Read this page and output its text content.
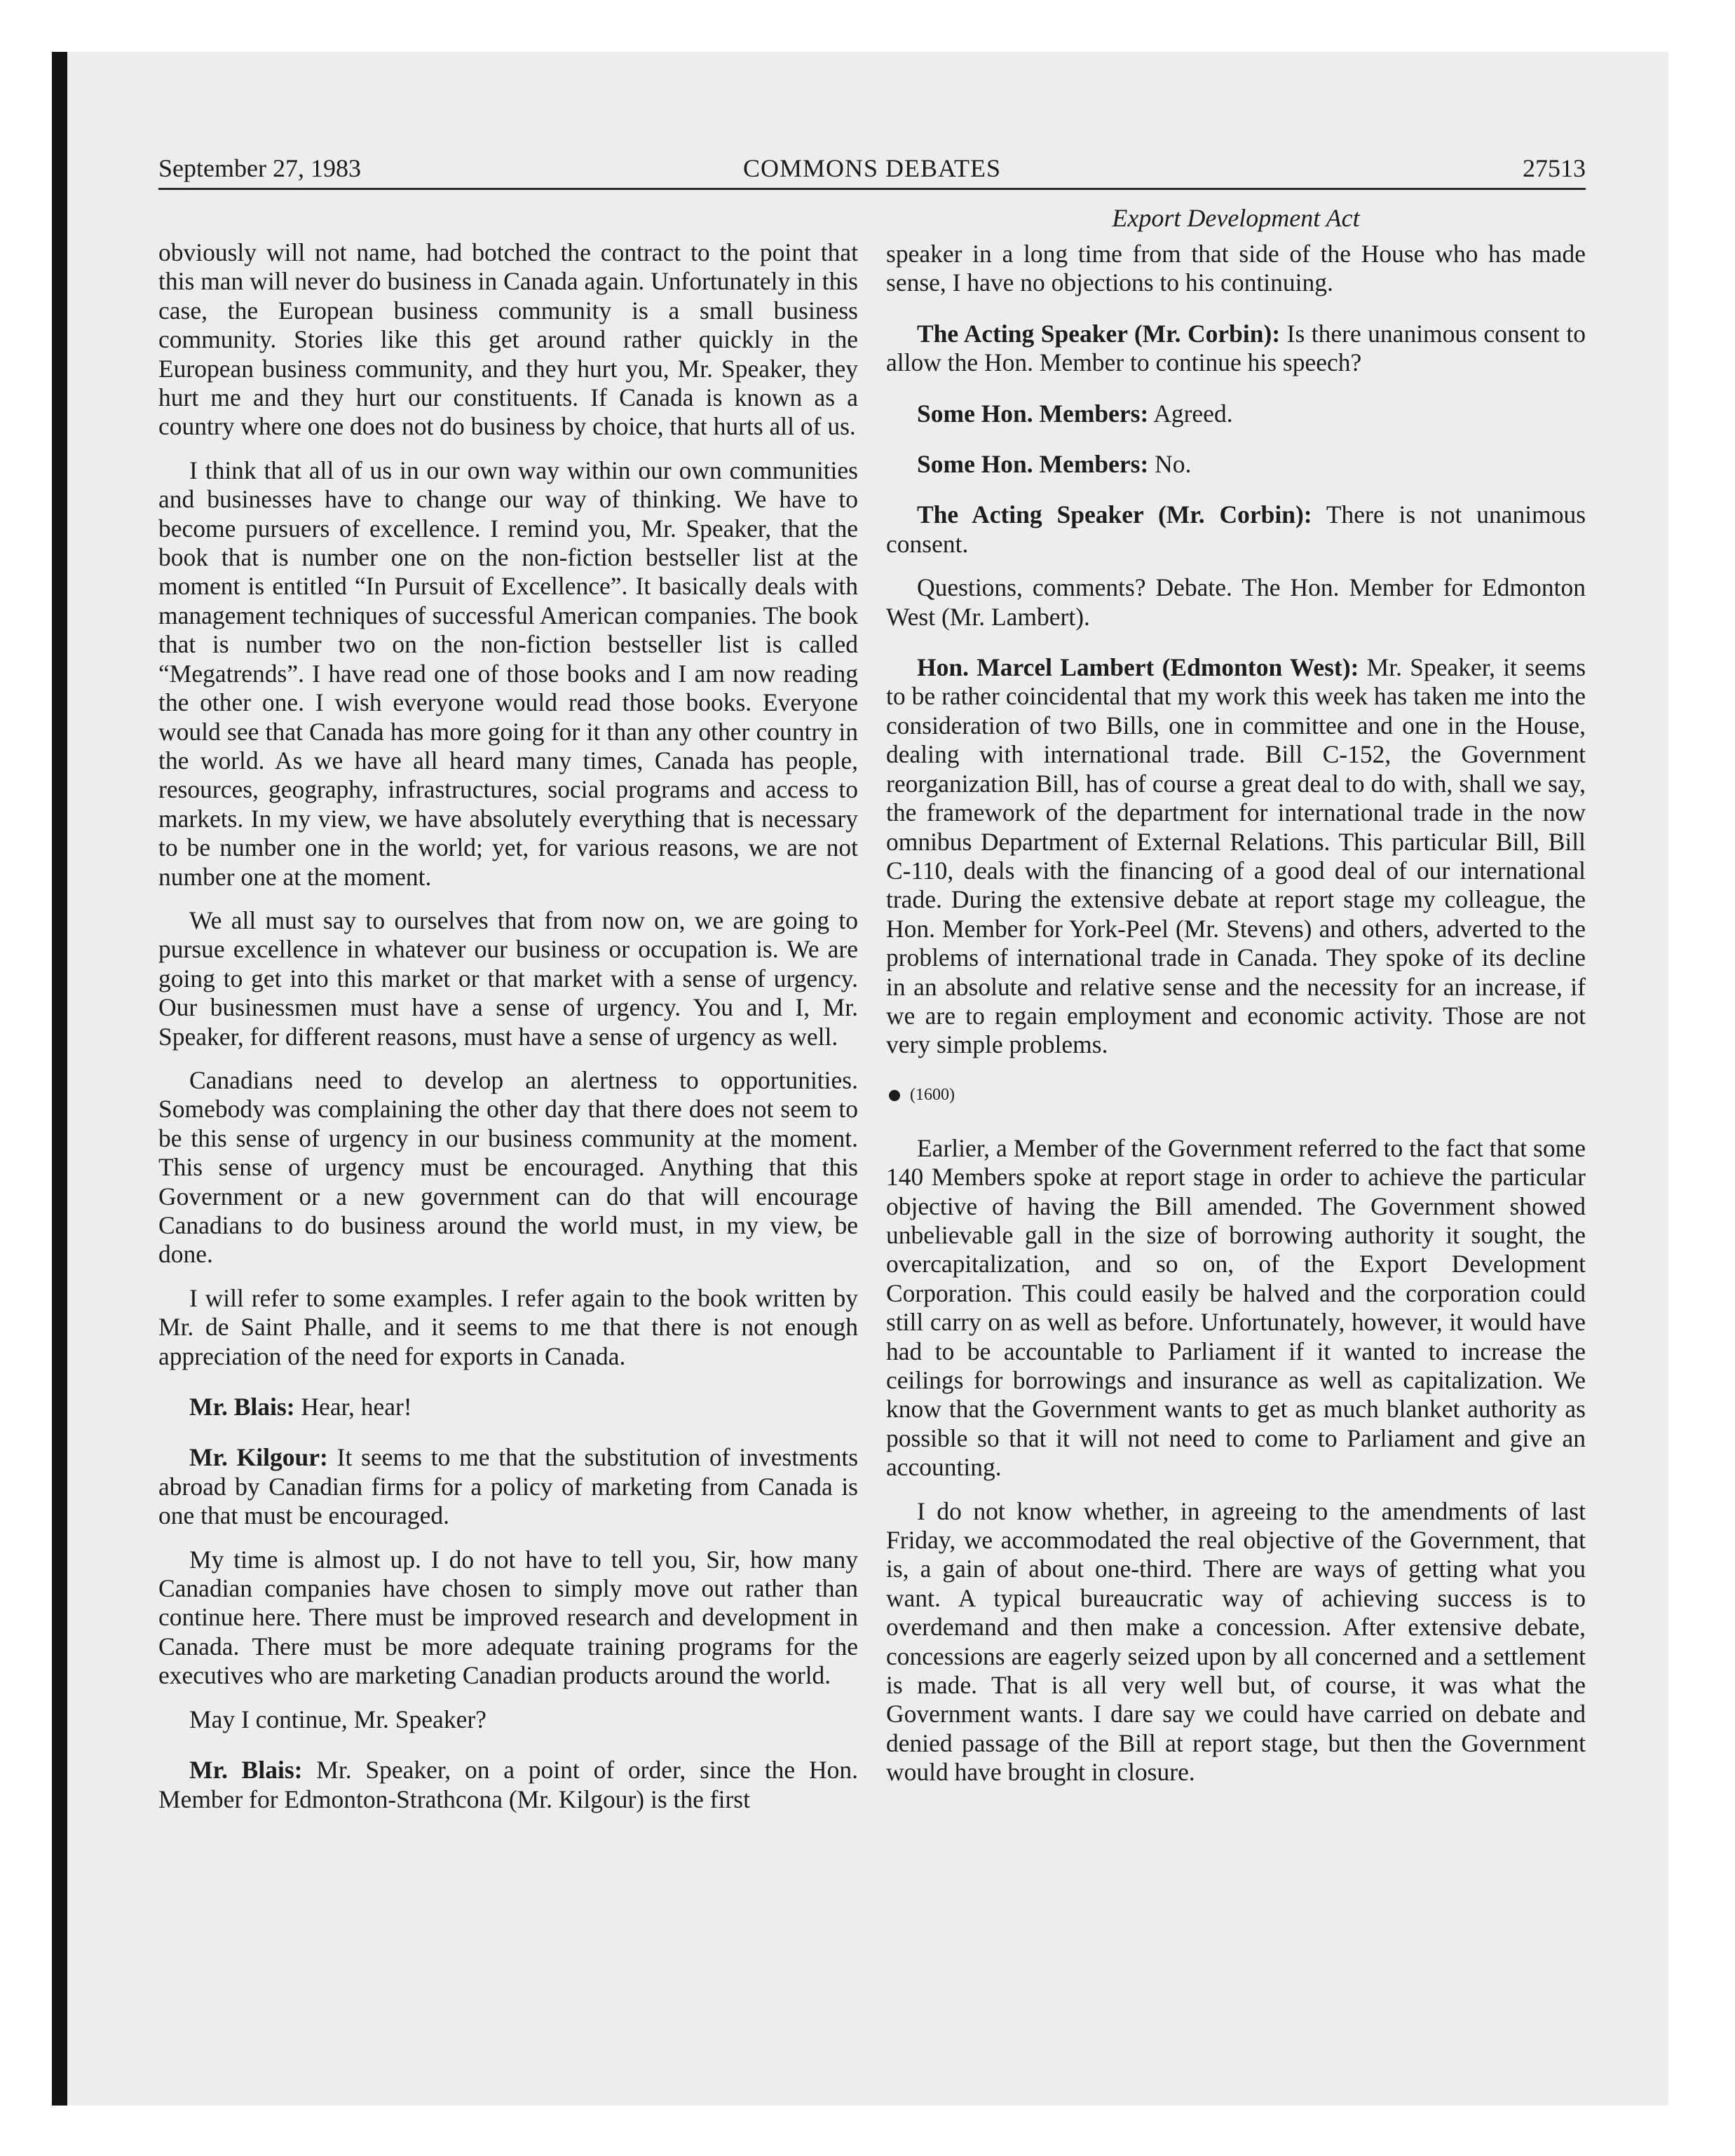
September 27, 1983	COMMONS DEBATES	27513
Export Development Act

obviously will not name, had botched the contract to the point that this man will never do business in Canada again. Unfortunately in this case, the European business community is a small business community. Stories like this get around rather quickly in the European business community, and they hurt you, Mr. Speaker, they hurt me and they hurt our constituents. If Canada is known as a country where one does not do business by choice, that hurts all of us.

I think that all of us in our own way within our own communities and businesses have to change our way of thinking. We have to become pursuers of excellence. I remind you, Mr. Speaker, that the book that is number one on the non-fiction bestseller list at the moment is entitled “In Pursuit of Excellence”. It basically deals with management techniques of successful American companies. The book that is number two on the non-fiction bestseller list is called “Megatrends”. I have read one of those books and I am now reading the other one. I wish everyone would read those books. Everyone would see that Canada has more going for it than any other country in the world. As we have all heard many times, Canada has people, resources, geography, infrastructures, social programs and access to markets. In my view, we have absolutely everything that is necessary to be number one in the world; yet, for various reasons, we are not number one at the moment.

We all must say to ourselves that from now on, we are going to pursue excellence in whatever our business or occupation is. We are going to get into this market or that market with a sense of urgency. Our businessmen must have a sense of urgency. You and I, Mr. Speaker, for different reasons, must have a sense of urgency as well.

Canadians need to develop an alertness to opportunities. Somebody was complaining the other day that there does not seem to be this sense of urgency in our business community at the moment. This sense of urgency must be encouraged. Anything that this Government or a new government can do that will encourage Canadians to do business around the world must, in my view, be done.

I will refer to some examples. I refer again to the book written by Mr. de Saint Phalle, and it seems to me that there is not enough appreciation of the need for exports in Canada.

Mr. Blais: Hear, hear!

Mr. Kilgour: It seems to me that the substitution of investments abroad by Canadian firms for a policy of marketing from Canada is one that must be encouraged.

My time is almost up. I do not have to tell you, Sir, how many Canadian companies have chosen to simply move out rather than continue here. There must be improved research and development in Canada. There must be more adequate training programs for the executives who are marketing Canadian products around the world.

May I continue, Mr. Speaker?

Mr. Blais: Mr. Speaker, on a point of order, since the Hon. Member for Edmonton-Strathcona (Mr. Kilgour) is the first

speaker in a long time from that side of the House who has made sense, I have no objections to his continuing.

The Acting Speaker (Mr. Corbin): Is there unanimous consent to allow the Hon. Member to continue his speech?

Some Hon. Members: Agreed.

Some Hon. Members: No.

The Acting Speaker (Mr. Corbin): There is not unanimous consent.

Questions, comments? Debate. The Hon. Member for Edmonton West (Mr. Lambert).

Hon. Marcel Lambert (Edmonton West): Mr. Speaker, it seems to be rather coincidental that my work this week has taken me into the consideration of two Bills, one in committee and one in the House, dealing with international trade. Bill C-152, the Government reorganization Bill, has of course a great deal to do with, shall we say, the framework of the department for international trade in the now omnibus Department of External Relations. This particular Bill, Bill C-110, deals with the financing of a good deal of our international trade. During the extensive debate at report stage my colleague, the Hon. Member for York-Peel (Mr. Stevens) and others, adverted to the problems of international trade in Canada. They spoke of its decline in an absolute and relative sense and the necessity for an increase, if we are to regain employment and economic activity. Those are not very simple problems.

(1600)

Earlier, a Member of the Government referred to the fact that some 140 Members spoke at report stage in order to achieve the particular objective of having the Bill amended. The Government showed unbelievable gall in the size of borrowing authority it sought, the overcapitalization, and so on, of the Export Development Corporation. This could easily be halved and the corporation could still carry on as well as before. Unfortunately, however, it would have had to be accountable to Parliament if it wanted to increase the ceilings for borrowings and insurance as well as capitalization. We know that the Government wants to get as much blanket authority as possible so that it will not need to come to Parliament and give an accounting.

I do not know whether, in agreeing to the amendments of last Friday, we accommodated the real objective of the Government, that is, a gain of about one-third. There are ways of getting what you want. A typical bureaucratic way of achieving success is to overdemand and then make a concession. After extensive debate, concessions are eagerly seized upon by all concerned and a settlement is made. That is all very well but, of course, it was what the Government wants. I dare say we could have carried on debate and denied passage of the Bill at report stage, but then the Government would have brought in closure.
